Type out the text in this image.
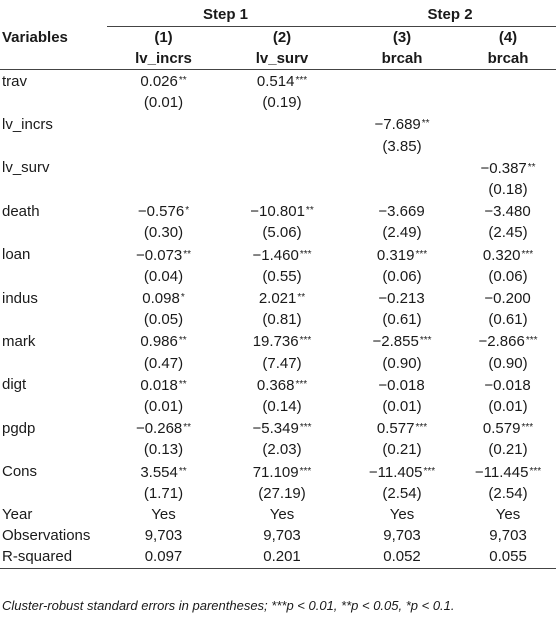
	Step 1		Step 2	
Variables	(1)	(2)	(3)	(4)
	lv_incrs	lv_surv	brcah	brcah
trav	0.026**	0.514***		
	(0.01)	(0.19)		
lv_incrs			−7.689**	
			(3.85)	
lv_surv				−0.387**
				(0.18)
death	−0.576*	−10.801**	−3.669	−3.480
	(0.30)	(5.06)	(2.49)	(2.45)
loan	−0.073**	−1.460***	0.319***	0.320***
	(0.04)	(0.55)	(0.06)	(0.06)
indus	0.098*	2.021**	−0.213	−0.200
	(0.05)	(0.81)	(0.61)	(0.61)
mark	0.986**	19.736***	−2.855***	−2.866***
	(0.47)	(7.47)	(0.90)	(0.90)
digt	0.018**	0.368***	−0.018	−0.018
	(0.01)	(0.14)	(0.01)	(0.01)
pgdp	−0.268**	−5.349***	0.577***	0.579***
	(0.13)	(2.03)	(0.21)	(0.21)
Cons	3.554**	71.109***	−11.405***	−11.445***
	(1.71)	(27.19)	(2.54)	(2.54)
Year	Yes	Yes	Yes	Yes
Observations	9,703	9,703	9,703	9,703
R-squared	0.097	0.201	0.052	0.055
Cluster-robust standard errors in parentheses; ***p < 0.01, **p < 0.05, *p < 0.1.
